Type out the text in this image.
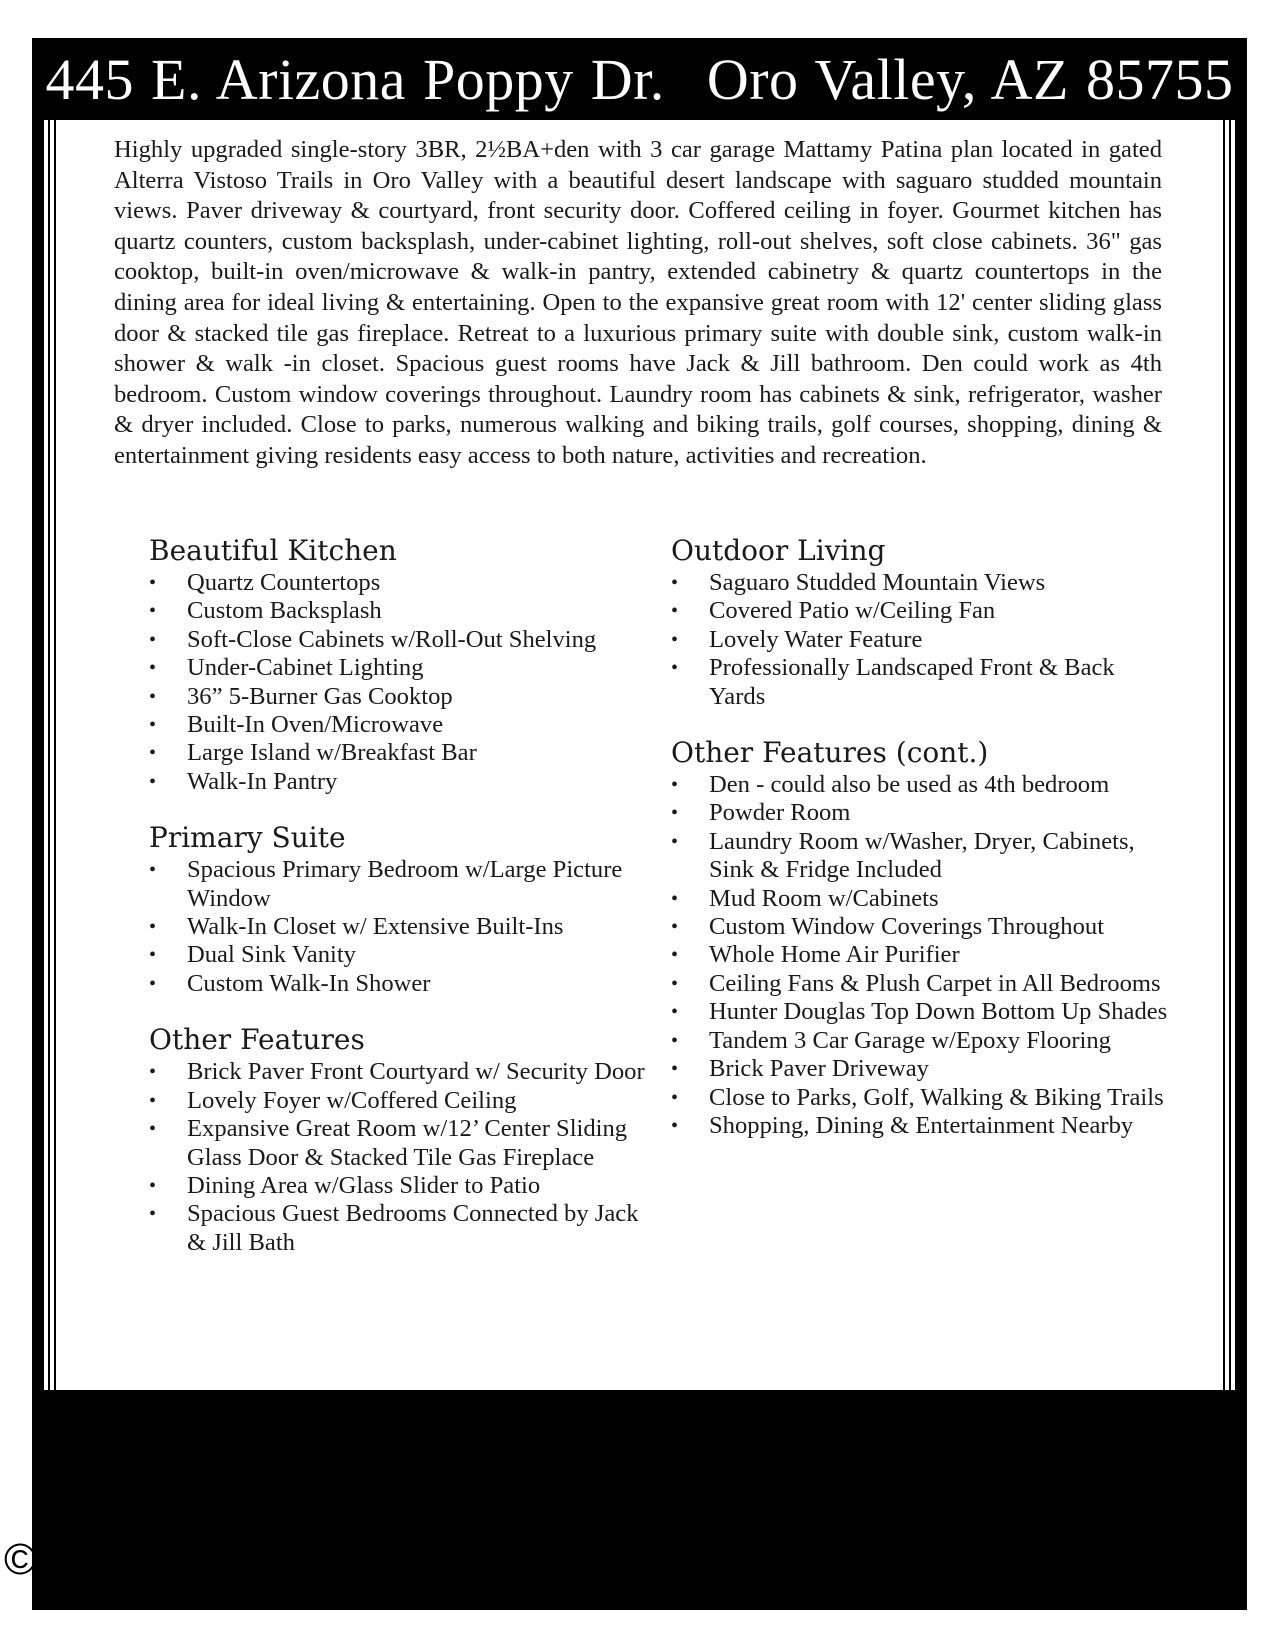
445 E. Arizona Poppy Dr. Oro Valley, AZ 85755

Highly upgraded single-story 3BR, 2½BA+den with 3 car garage Mattamy Patina plan located in gated Alterra Vistoso Trails in Oro Valley with a beautiful desert landscape with saguaro studded mountain views. Paver driveway & courtyard, front security door. Coffered ceiling in foyer. Gourmet kitchen has quartz counters, custom backsplash, under-cabinet lighting, roll-out shelves, soft close cabinets. 36" gas cooktop, built-in oven/microwave & walk-in pantry, extended cabinetry & quartz countertops in the dining area for ideal living & entertaining. Open to the expansive great room with 12' center sliding glass door & stacked tile gas fireplace. Retreat to a luxurious primary suite with double sink, custom walk-in shower & walk -in closet. Spacious guest rooms have Jack & Jill bathroom. Den could work as 4th bedroom. Custom window coverings throughout. Laundry room has cabinets & sink, refrigerator, washer & dryer included. Close to parks, numerous walking and biking trails, golf courses, shopping, dining & entertainment giving residents easy access to both nature, activities and recreation.

Beautiful Kitchen
•	Quartz Countertops
•	Custom Backsplash
•	Soft-Close Cabinets w/Roll-Out Shelving
•	Under-Cabinet Lighting
•	36” 5-Burner Gas Cooktop
•	Built-In Oven/Microwave
•	Large Island w/Breakfast Bar
•	Walk-In Pantry
Primary Suite
•	Spacious Primary Bedroom w/Large Picture Window
•	Walk-In Closet w/ Extensive Built-Ins
•	Dual Sink Vanity
•	Custom Walk-In Shower
Other Features
•	Brick Paver Front Courtyard w/ Security Door
•	Lovely Foyer w/Coffered Ceiling
•	Expansive Great Room w/12’ Center Sliding Glass Door & Stacked Tile Gas Fireplace
•	Dining Area w/Glass Slider to Patio
•	Spacious Guest Bedrooms Connected by Jack & Jill Bath
Outdoor Living
•	Saguaro Studded Mountain Views
•	Covered Patio w/Ceiling Fan
•	Lovely Water Feature
•	Professionally Landscaped Front & Back Yards
Other Features (cont.)
•	Den - could also be used as 4th bedroom
•	Powder Room
•	Laundry Room w/Washer, Dryer, Cabinets, Sink & Fridge Included
•	Mud Room w/Cabinets
•	Custom Window Coverings Throughout
•	Whole Home Air Purifier
•	Ceiling Fans & Plush Carpet in All Bedrooms
•	Hunter Douglas Top Down Bottom Up Shades
•	Tandem 3 Car Garage w/Epoxy Flooring
•	Brick Paver Driveway
•	Close to Parks, Golf, Walking & Biking Trails
•	Shopping, Dining & Entertainment Nearby
©2025 MLSSAZ	All Information Deemed Reliable But Not Guaranteed
